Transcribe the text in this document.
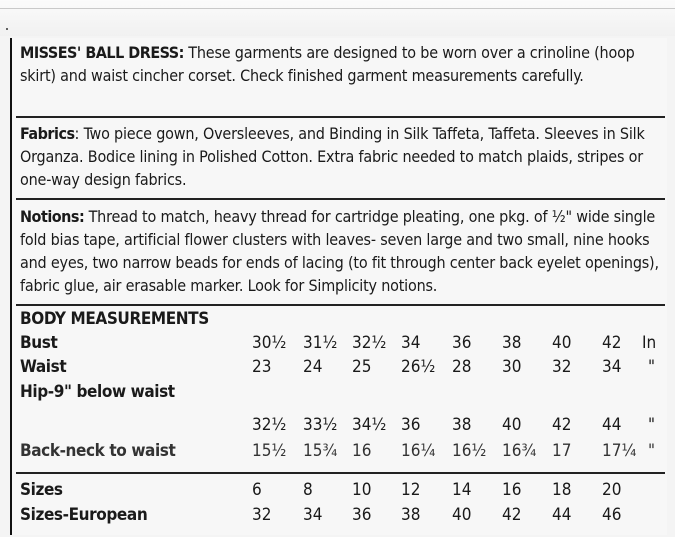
MISSES' BALL DRESS: These garments are designed to be worn over a crinoline (hoop skirt) and waist cincher corset. Check finished garment measurements carefully.
Fabrics: Two piece gown, Oversleeves, and Binding in Silk Taffeta, Taffeta. Sleeves in Silk Organza. Bodice lining in Polished Cotton. Extra fabric needed to match plaids, stripes or one-way design fabrics.
Notions: Thread to match, heavy thread for cartridge pleating, one pkg. of ½" wide single fold bias tape, artificial flower clusters with leaves- seven large and two small, nine hooks and eyes, two narrow beads for ends of lacing (to fit through center back eyelet openings), fabric glue, air erasable marker. Look for Simplicity notions.
BODY MEASUREMENTS
Bust	30½ 31½ 32½ 34 36 38 40 42 In
Waist	23 24 25 26½ 28 30 32 34 "
Hip-9" below waist
32½ 33½ 34½ 36 38 40 42 44 "
Back-neck to waist	15½ 15¾ 16 16¼ 16½ 16¾ 17 17¼ "
Sizes	6 8 10 12 14 16 18 20
Sizes-European	32 34 36 38 40 42 44 46
